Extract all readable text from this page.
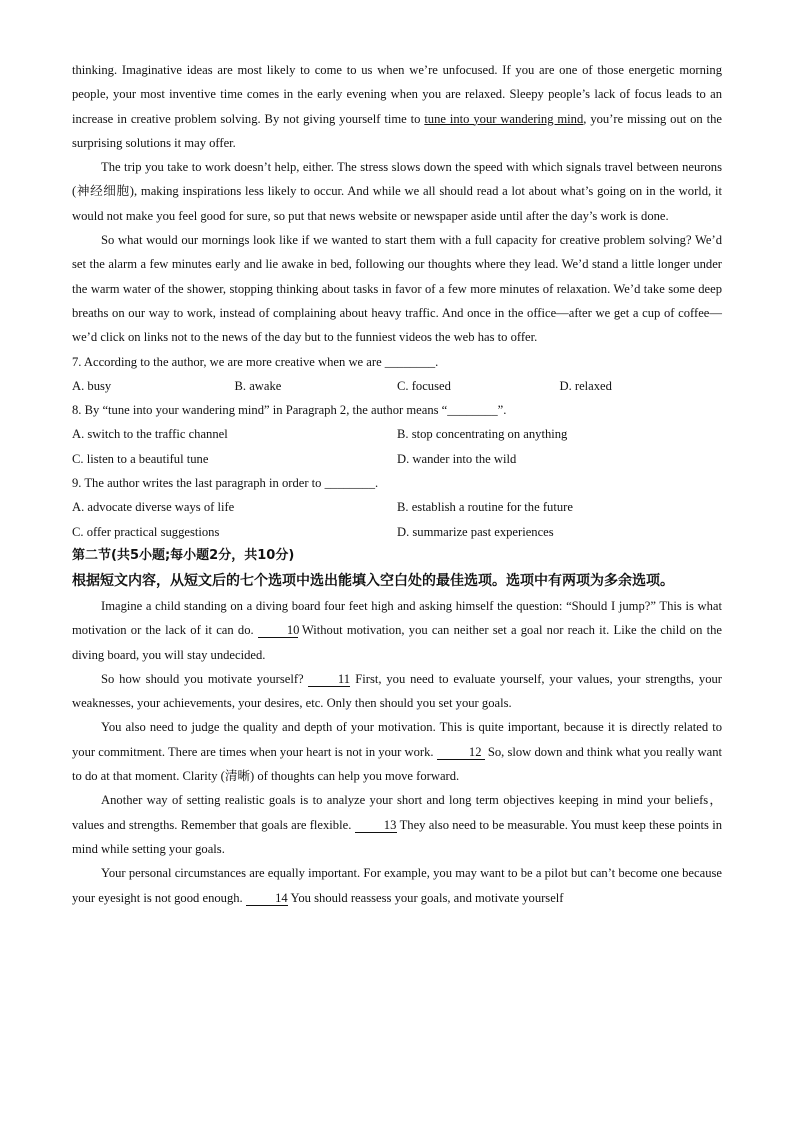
thinking. Imaginative ideas are most likely to come to us when we’re unfocused. If you are one of those energetic morning people, your most inventive time comes in the early evening when you are relaxed. Sleepy people’s lack of focus leads to an increase in creative problem solving. By not giving yourself time to tune into your wandering mind, you’re missing out on the surprising solutions it may offer.

The trip you take to work doesn’t help, either. The stress slows down the speed with which signals travel between neurons (神经细胞), making inspirations less likely to occur. And while we all should read a lot about what’s going on in the world, it would not make you feel good for sure, so put that news website or newspaper aside until after the day’s work is done.

So what would our mornings look like if we wanted to start them with a full capacity for creative problem solving? We’d set the alarm a few minutes early and lie awake in bed, following our thoughts where they lead. We’d stand a little longer under the warm water of the shower, stopping thinking about tasks in favor of a few more minutes of relaxation. We’d take some deep breaths on our way to work, instead of complaining about heavy traffic. And once in the office—after we get a cup of coffee—we’d click on links not to the news of the day but to the funniest videos the web has to offer.

7. According to the author, we are more creative when we are ________.
A. busy	B. awake	C. focused	D. relaxed
8. By “tune into your wandering mind” in Paragraph 2, the author means “________”.
A. switch to the traffic channel	B. stop concentrating on anything
C. listen to a beautiful tune	D. wander into the wild
9. The author writes the last paragraph in order to ________.
A. advocate diverse ways of life	B. establish a routine for the future
C. offer practical suggestions	D. summarize past experiences
第二节(共5小题;每小题2分，共10分)
根据短文内容，从短文后的七个选项中选出能填入空白处的最佳选项。选项中有两项为多余选项。

Imagine a child standing on a diving board four feet high and asking himself the question: “Should I jump?” This is what motivation or the lack of it can do. 10 Without motivation, you can neither set a goal nor reach it. Like the child on the diving board, you will stay undecided.

So how should you motivate yourself? 11 First, you need to evaluate yourself, your values, your strengths, your weaknesses, your achievements, your desires, etc. Only then should you set your goals.

You also need to judge the quality and depth of your motivation. This is quite important, because it is directly related to your commitment. There are times when your heart is not in your work.	12 So, slow down and think what you really want to do at that moment. Clarity (清晰) of thoughts can help you move forward.

Another way of setting realistic goals is to analyze your short and long term objectives keeping in mind your beliefs，values and strengths. Remember that goals are flexible. 13 They also need to be measurable. You must keep these points in mind while setting your goals.

Your personal circumstances are equally important. For example, you may want to be a pilot but can’t become one because your eyesight is not good enough. 14 You should reassess your goals, and motivate yourself
